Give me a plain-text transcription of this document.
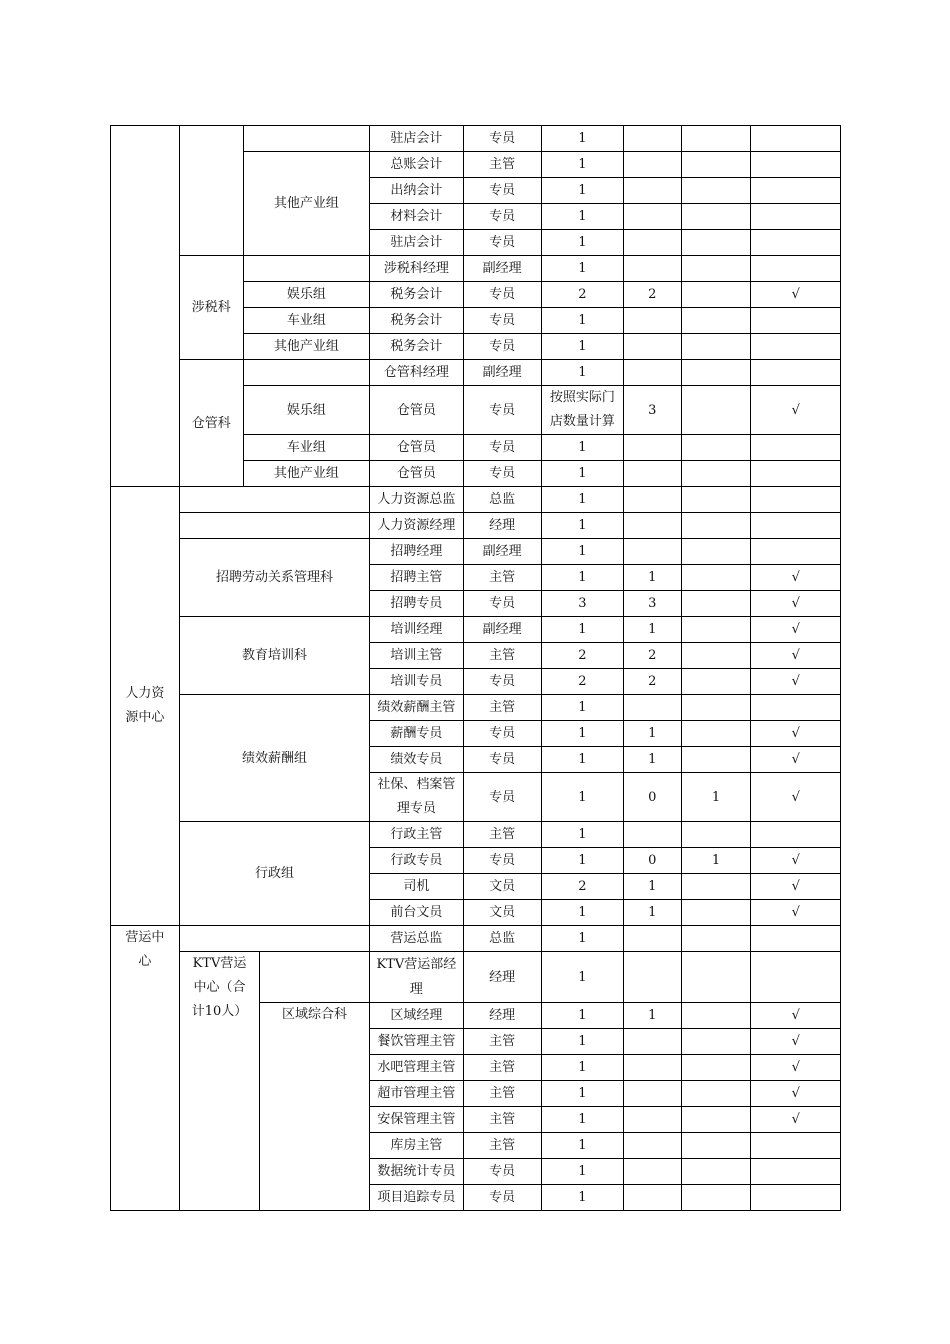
				驻店会计	专员	1			
		其他产业组		总账会计	主管	1			
				出纳会计	专员	1			
				材料会计	专员	1			
				驻店会计	专员	1			
	涉税科			涉税科经理	副经理	1			
		娱乐组		税务会计	专员	2	2		√
		车业组		税务会计	专员	1			
		其他产业组		税务会计	专员	1			
	仓管科			仓管科经理	副经理	1			
		娱乐组		仓管员	专员	按照实际门店数量计算	3		√

		车业组		仓管员	专员	1			
		其他产业组		仓管员	专员	1			
人力资源中心				人力资源总监	总监	1			
				人力资源经理	经理	1			
	招聘劳动关系管理科			招聘经理	副经理	1			
				招聘主管	主管	1	1		√
				招聘专员	专员	3	3		√
	教育培训科			培训经理	副经理	1	1		√
				培训主管	主管	2	2		√
				培训专员	专员	2	2		√
	绩效薪酬组			绩效薪酬主管	主管	1			
				薪酬专员	专员	1	1		√
				绩效专员	专员	1	1		√
				社保、档案管理专员	专员	1	0	1	√

	行政组			行政主管	主管	1			
				行政专员	专员	1	0	1	√
				司机	文员	2	1		√
				前台文员	文员	1	1		√
营运中心				营运总监	总监	1			
	KTV营运中心（合计10人）			KTV营运部经理	经理	1			
			区域综合科	区域经理	经理	1	1		√
				餐饮管理主管	主管	1			√
				水吧管理主管	主管	1			√
				超市管理主管	主管	1			√
				安保管理主管	主管	1			√
				库房主管	主管	1			
				数据统计专员	专员	1			
				项目追踪专员	专员	1			
